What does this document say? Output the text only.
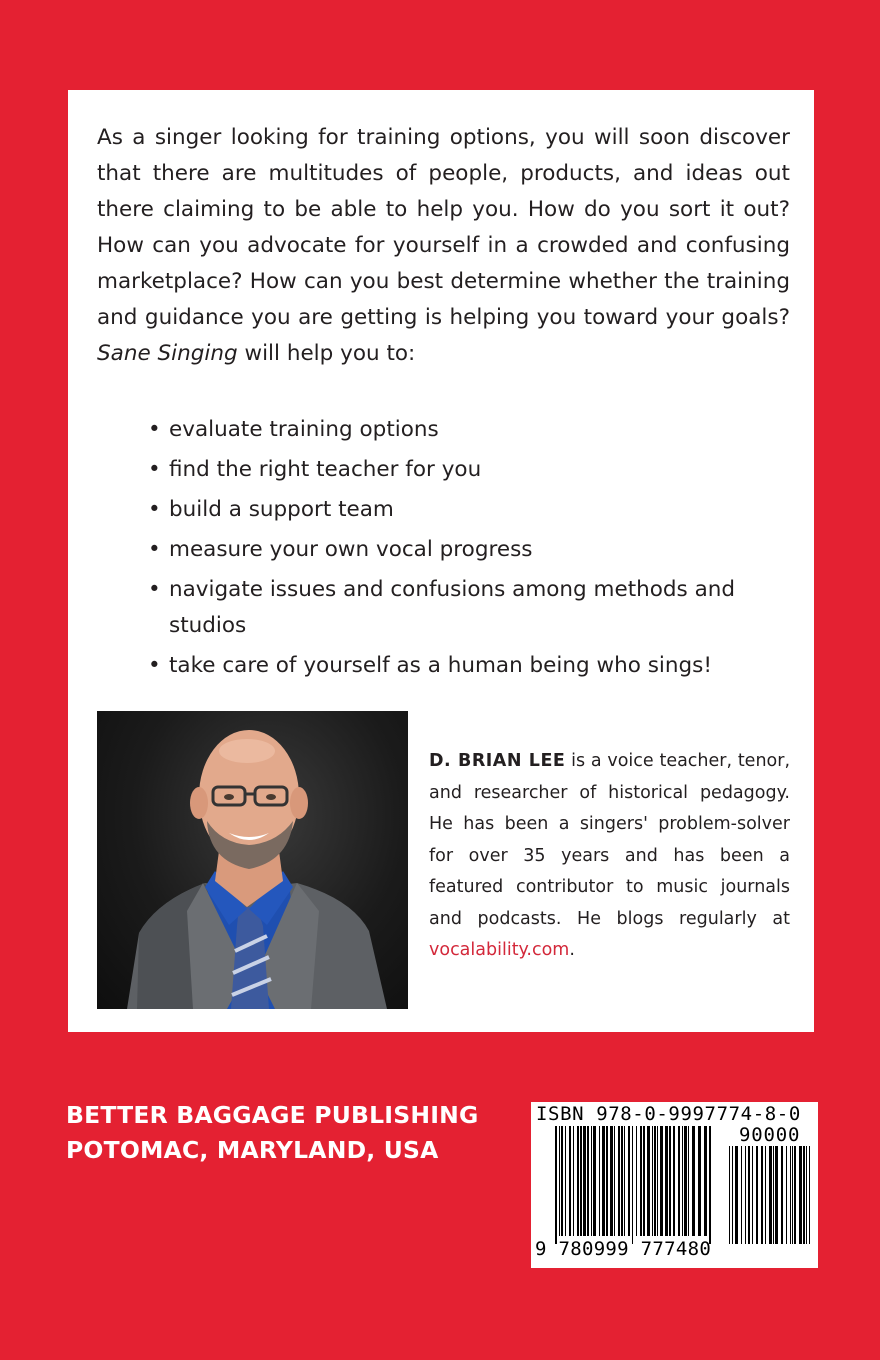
As a singer looking for training options, you will soon discover that there are multitudes of people, products, and ideas out there claiming to be able to help you. How do you sort it out? How can you advocate for yourself in a crowded and confusing marketplace? How can you best determine whether the training and guidance you are getting is helping you toward your goals? Sane Singing will help you to:

• evaluate training options
• find the right teacher for you
• build a support team
• measure your own vocal progress
• navigate issues and confusions among methods and studios
• take care of yourself as a human being who sings!

D. BRIAN LEE is a voice teacher, tenor, and researcher of historical pedagogy. He has been a singers' problem-solver for over 35 years and has been a featured contributor to music journals and podcasts. He blogs regularly at vocalability.com.

BETTER BAGGAGE PUBLISHING
POTOMAC, MARYLAND, USA
ISBN 978-0-9997774-8-0
90000
9 780999 777480
